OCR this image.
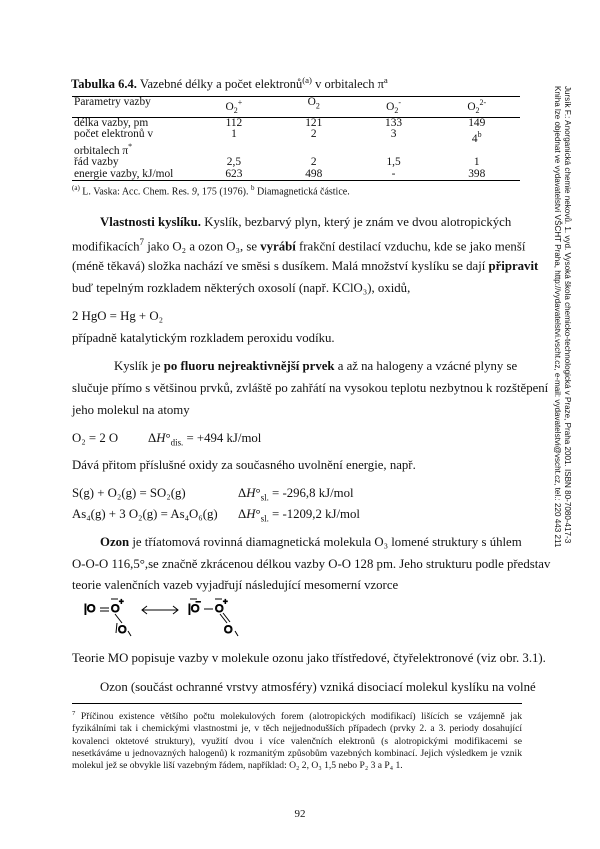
Tabulka 6.4. Vazebné délky a počet elektronů$^{(a)}$ v orbitalech $\pi^a$
Parametry vazby	$O_2^+$	$O_2$	$O_2^-$	$O_2^{2-}$
délka vazby, pm	112	121	133	149
počet elektronů v
orbitalech π*	1	2	3	4$^b$
řád vazby	2,5	2	1,5	1
energie vazby, kJ/mol	623	498	-	398
$^{(a)}$ L. Vaska: Acc. Chem. Res. 9, 175 (1976). $^b$ Diamagnetická částice.	Jursík F.: Anorganická chemie nekovů. 1. vyd. Vysoká škola chemicko-technologická v Praze, Praha 2001. ISBN 80-7080-417-3
Kniha lze objednat ve vydavatelství VŠCHT Praha, http://vydavatelstvi.vscht.cz, e-mail: vydavatelstvi@vscht.cz, tel.: 220 443 211
Vlastnosti kyslíku. Kyslík, bezbarvý plyn, který je znám ve dvou alotropických
modifikacích$^7$ jako O₂ a ozon O₃, se vyrábí frakční destilací vzduchu, kde se jako menší
(méně těkavá) složka nachází ve směsi s dusíkem. Malá množství kyslíku se dají připravit
buď tepelným rozkladem některých oxosolí (např. KClO₃), oxidů,
2 HgO = Hg + O₂
případně katalytickým rozkladem peroxidu vodíku.
Kyslík je po fluoru nejreaktivnější prvek a až na halogeny a vzácné plyny se
slučuje přímo s většinou prvků, zvláště po zahřátí na vysokou teplotu nezbytnou k rozštěpení
jeho molekul na atomy
O₂ = 2 O $\Delta H^\circ_{dis.} = +494$ kJ/mol
Dává přitom příslušné oxidy za současného uvolnění energie, např.
S(g) + O₂(g) = SO₂(g)	$\Delta H^\circ_{sl.} = -296,8$ kJ/mol
As₄(g) + 3 O₂(g) = As₄O₆(g) $\Delta H^\circ_{sl.} = -1209,2$ kJ/mol
Ozon je tříatomová rovinná diamagnetická molekula O₃ lomené struktury s úhlem
O-O-O 116,5°,se značně zkrácenou délkou vazby O-O 128 pm. Jeho strukturu podle představ
teorie valenčních vazeb vyjadřují následující mesomerní vzorce
|O O
+
O
|O
–
O
+
O
Teorie MO popisuje vazby v molekule ozonu jako třístředové, čtyřelektronové (viz obr. 3.1).
Ozon (součást ochranné vrstvy atmosféry) vzniká disociací molekul kyslíku na volné
$^7$ Příčinou existence většího počtu molekulových forem (alotropických modifikací) lišících se vzájemně jak fyzikálními tak i chemickými vlastnostmi je, v těch nejjednodušších případech (prvky 2. a 3. periody dosahující kovalenci oktetové struktury), využití dvou i více valenčních elektronů (s alotropickými modifikacemi se nesetkáváme u jednovazných halogenů) k rozmanitým způsobům vazebných kombinací. Jejich výsledkem je vznik molekul jež se obvykle liší vazebným řádem, například: O₂ 2, O₃ 1,5 nebo P₂ 3 a P₄ 1.
92
